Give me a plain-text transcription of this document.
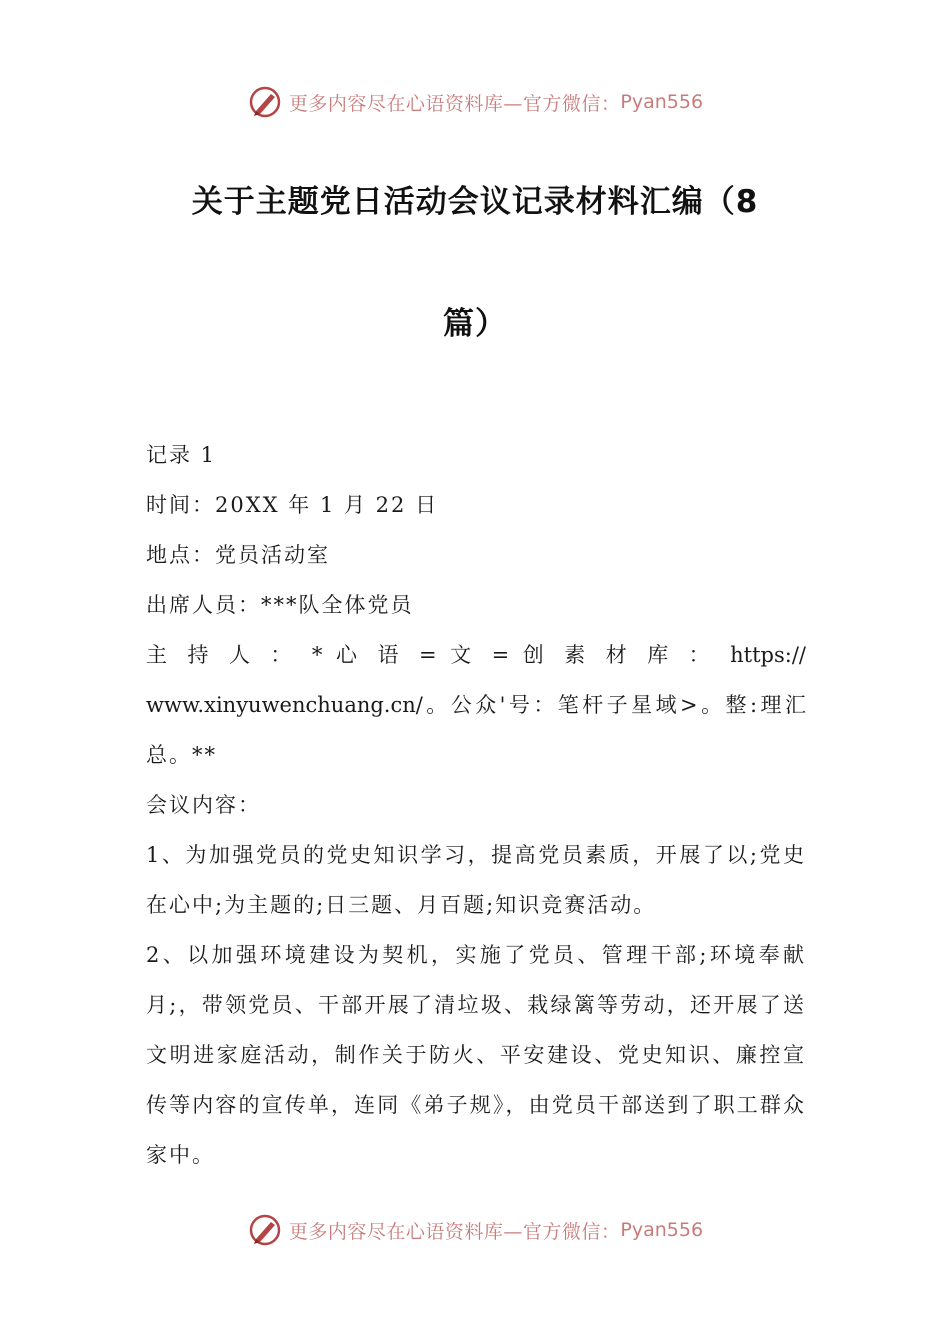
更多内容尽在心语资料库—官方微信： Pyan556
关于主题党日活动会议记录材料汇编（8
篇）

记录 1

时间：20XX 年 1 月 22 日

地点：党员活动室

出席人员：***队全体党员

主 持 人 ： * 心 语 = 文 = 创 素 材 库 ： https://

www.xinyuwenchuang.cn/。公众'号：笔杆子星域>。整:理汇

总。**

会议内容：

1、为加强党员的党史知识学习，提高党员素质，开展了以;党史在心中;为主题的;日三题、月百题;知识竞赛活动。

2、以加强环境建设为契机，实施了党员、管理干部;环境奉献月;，带领党员、干部开展了清垃圾、栽绿篱等劳动，还开展了送文明进家庭活动，制作关于防火、平安建设、党史知识、廉控宣传等内容的宣传单，连同《弟子规》，由党员干部送到了职工群众家中。

更多内容尽在心语资料库—官方微信： Pyan556
